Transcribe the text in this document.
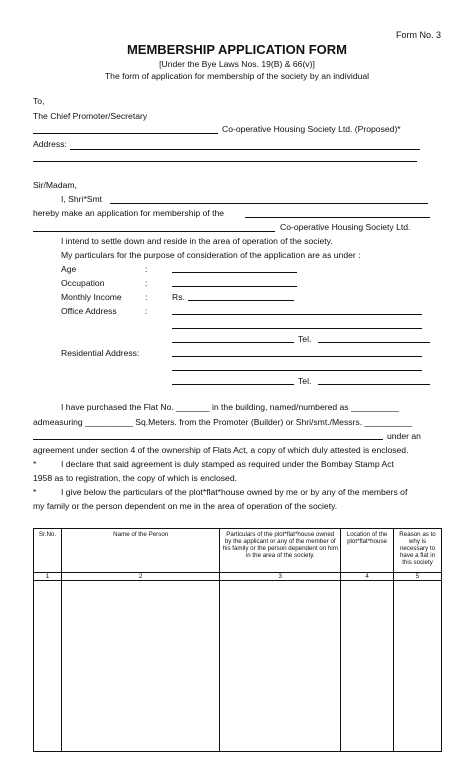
Form No. 3
MEMBERSHIP APPLICATION FORM
[Under the Bye Laws Nos. 19(B) & 66(v)]
The form of application for membership of the society by an individual
To,
The Chief Promoter/Secretary
Co-operative Housing Society Ltd. (Proposed)*
Address:
Sir/Madam,
I, Shri*Smt
hereby make an application for membership of the
Co-operative Housing Society Ltd.
I intend to settle down and reside in the area of operation of the society.
My particulars for the purpose of consideration of the application are as under :
Age	:
Occupation	:
Monthly Income	:	Rs.
Office Address	:
Tel.
Residential Address:
Tel.
I have purchased the Flat No. _______ in the building, named/numbered as __________
admeasuring __________ Sq.Meters. from the Promoter (Builder) or Shri/smt./Messrs. __________
under an
agreement under section 4 of the ownership of Flats Act, a copy of which duly attested is enclosed.
*	I declare that said agreement is duly stamped as required under the Bombay Stamp Act
1958 as to registration, the copy of which is enclosed.
*	I give below the particulars of the plot*flat*house owned by me or by any of the members of
my family or the person dependent on me in the area of operation of the society.
Sr.No.	Name of the Person	Particulars of the plot*flat*house owned by the applicant or any of the member of his family or the person dependent on him in the area of the society.	Location of the plot*flat*house	Reason as to why is necessary to have a flat in this society
1	2	3	4	5
